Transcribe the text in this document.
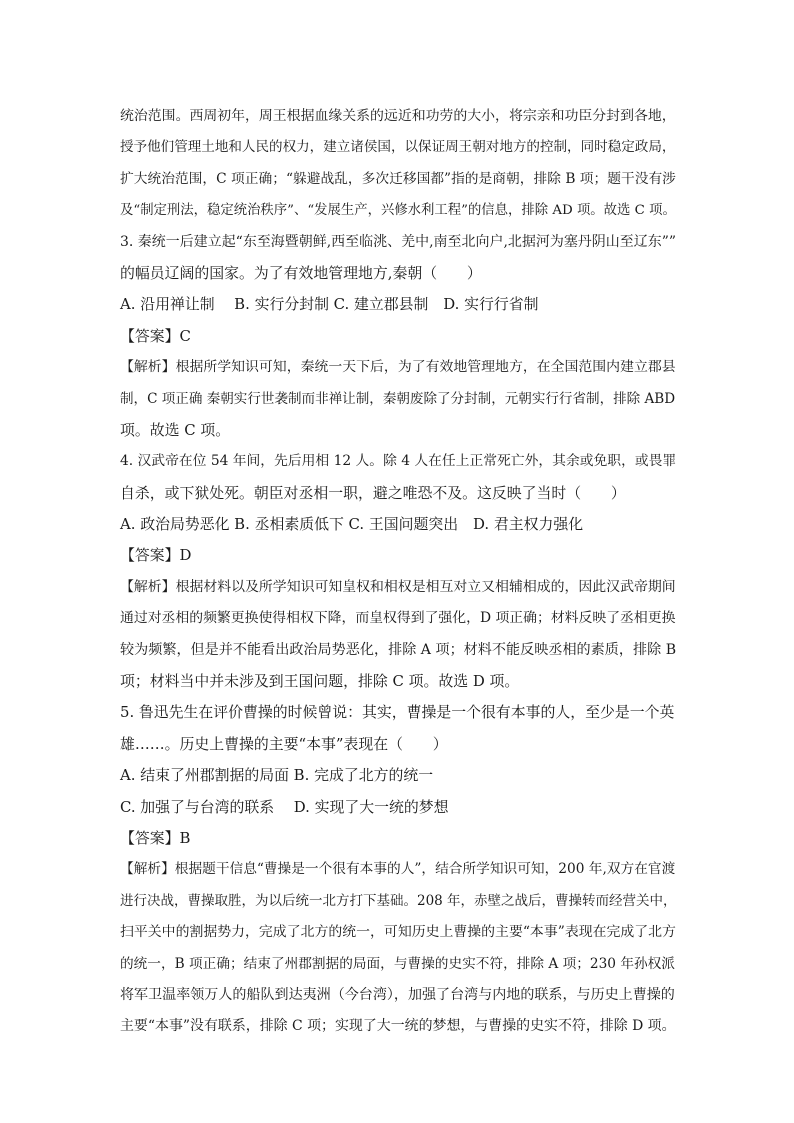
统治范围。西周初年，周王根据血缘关系的远近和功劳的大小，将宗亲和功臣分封到各地，
授予他们管理土地和人民的权力，建立诸侯国，以保证周王朝对地方的控制，同时稳定政局，
扩大统治范围，C 项正确；“躲避战乱，多次迁移国都”指的是商朝，排除 B 项；题干没有涉
及“制定刑法，稳定统治秩序”、“发展生产，兴修水利工程”的信息，排除 AD 项。故选 C 项。
3. 秦统一后建立起“东至海暨朝鲜,西至临洮、羌中,南至北向户,北据河为塞丹阴山至辽东””
的幅员辽阔的国家。为了有效地管理地方,秦朝（　　）
A. 沿用禅让制　 B. 实行分封制 C. 建立郡县制　D. 实行行省制
【答案】C
【解析】根据所学知识可知，秦统一天下后，为了有效地管理地方，在全国范围内建立郡县
制，C 项正确 秦朝实行世袭制而非禅让制，秦朝废除了分封制，元朝实行行省制，排除 ABD
项。故选 C 项。
4. 汉武帝在位 54 年间，先后用相 12 人。除 4 人在任上正常死亡外，其余或免职，或畏罪
自杀，或下狱处死。朝臣对丞相一职，避之唯恐不及。这反映了当时（　　）
A. 政治局势恶化 B. 丞相素质低下 C. 王国问题突出　D. 君主权力强化
【答案】D
【解析】根据材料以及所学知识可知皇权和相权是相互对立又相辅相成的，因此汉武帝期间
通过对丞相的频繁更换使得相权下降，而皇权得到了强化，D 项正确；材料反映了丞相更换
较为频繁，但是并不能看出政治局势恶化，排除 A 项；材料不能反映丞相的素质，排除 B
项；材料当中并未涉及到王国问题，排除 C 项。故选 D 项。
5. 鲁迅先生在评价曹操的时候曾说：其实，曹操是一个很有本事的人，至少是一个英
雄……。历史上曹操的主要“本事”表现在（　　）
A. 结束了州郡割据的局面 B. 完成了北方的统一
C. 加强了与台湾的联系　 D. 实现了大一统的梦想
【答案】B
【解析】根据题干信息“曹操是一个很有本事的人”，结合所学知识可知，200 年,双方在官渡
进行决战，曹操取胜，为以后统一北方打下基础。208 年，赤壁之战后，曹操转而经营关中，
扫平关中的割据势力，完成了北方的统一，可知历史上曹操的主要“本事”表现在完成了北方
的统一，B 项正确；结束了州郡割据的局面，与曹操的史实不符，排除 A 项；230 年孙权派
将军卫温率领万人的船队到达夷洲（今台湾），加强了台湾与内地的联系，与历史上曹操的
主要“本事”没有联系，排除 C 项；实现了大一统的梦想，与曹操的史实不符，排除 D 项。
